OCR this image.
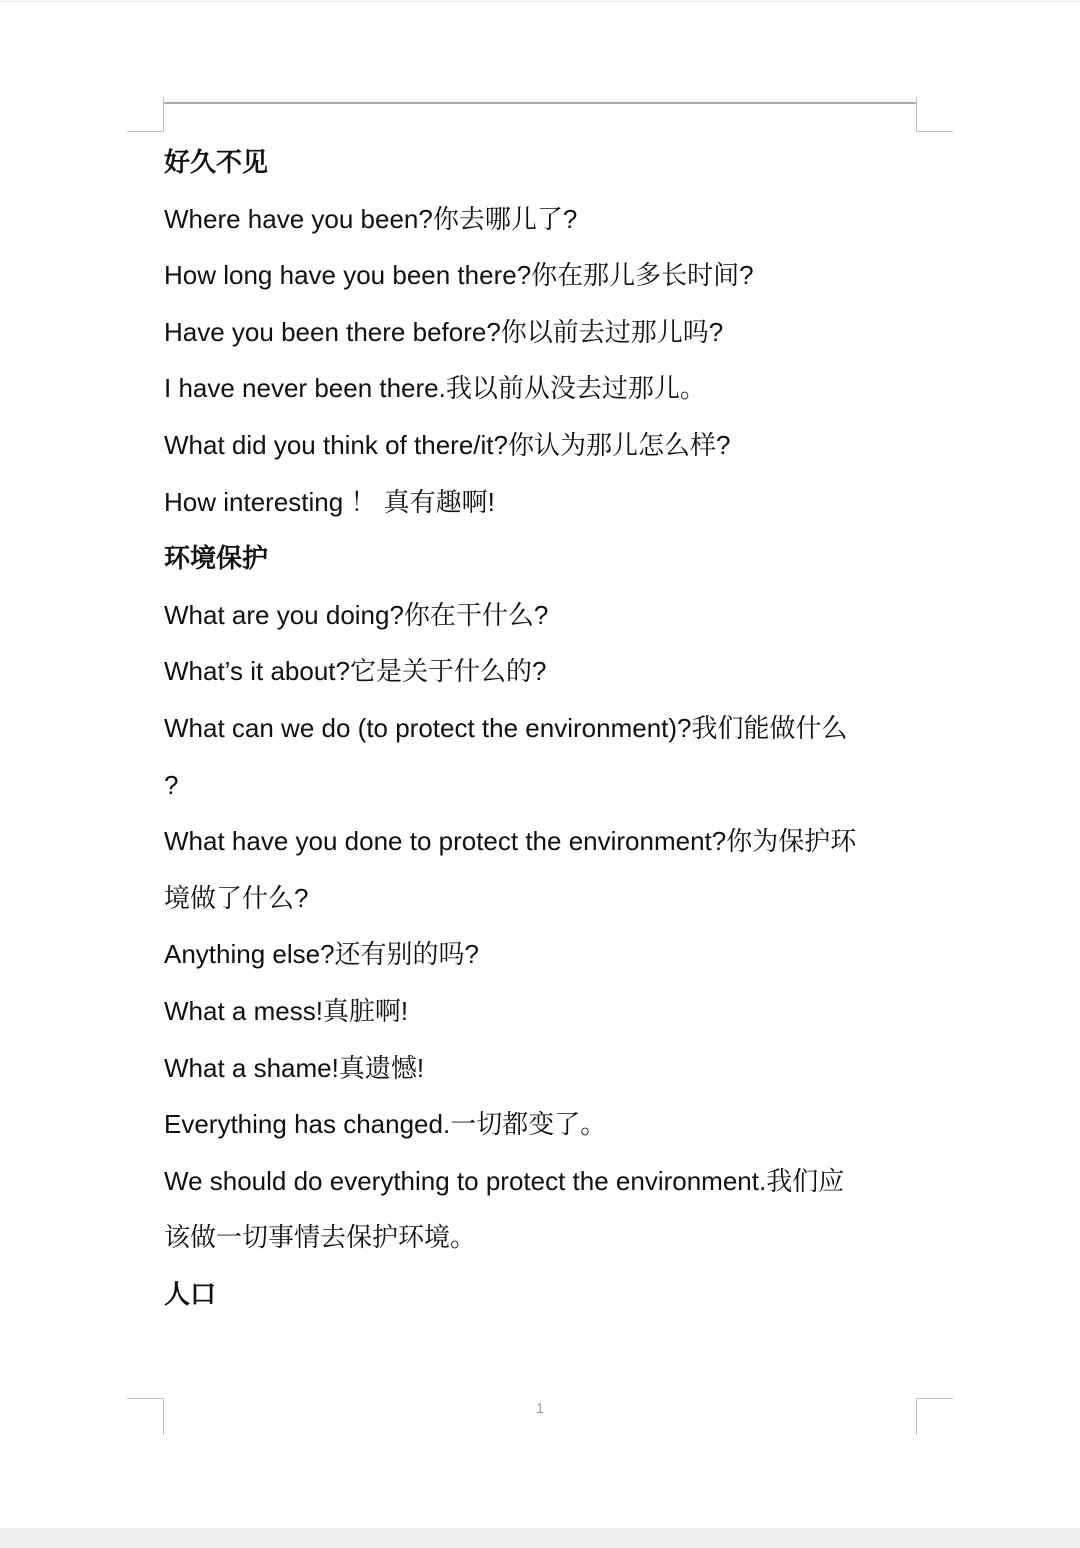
好久不见
Where have you been?你去哪儿了?
How long have you been there?你在那儿多长时间?
Have you been there before?你以前去过那儿吗?
I have never been there.我以前从没去过那儿。
What did you think of there/it?你认为那儿怎么样?
How interesting ！ 真有趣啊!
环境保护
What are you doing?你在干什么?
What’s it about?它是关于什么的?
What can we do (to protect the environment)?我们能做什么
?
What have you done to protect the environment?你为保护环
境做了什么?
Anything else?还有别的吗?
What a mess!真脏啊!
What a shame!真遗憾!
Everything has changed.一切都变了。
We should do everything to protect the environment.我们应
该做一切事情去保护环境。
人口
1
